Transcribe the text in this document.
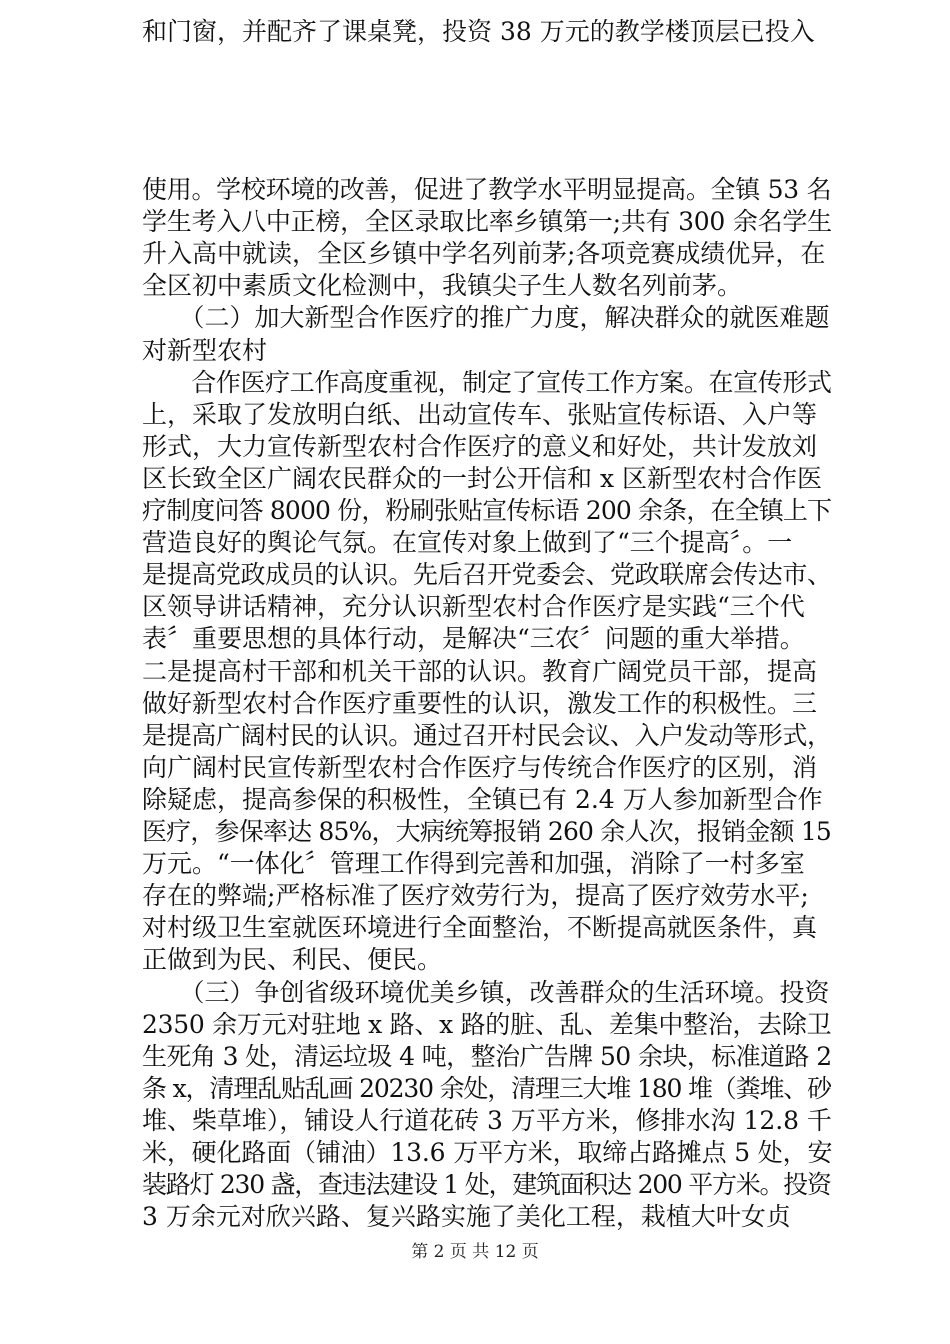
和门窗，并配齐了课桌凳，投资 38 万元的教学楼顶层已投入
使用。学校环境的改善，促进了教学水平明显提高。全镇 53 名
学生考入八中正榜，全区录取比率乡镇第一;共有 300 余名学生
升入高中就读，全区乡镇中学名列前茅;各项竞赛成绩优异，在
全区初中素质文化检测中，我镇尖子生人数名列前茅。
　　（二）加大新型合作医疗的推广力度，解决群众的就医难题
对新型农村
　　合作医疗工作高度重视，制定了宣传工作方案。在宣传形式
上，采取了发放明白纸、出动宣传车、张贴宣传标语、入户等
形式，大力宣传新型农村合作医疗的意义和好处，共计发放刘
区长致全区广阔农民群众的一封公开信和 x 区新型农村合作医
疗制度问答 8000 份，粉刷张贴宣传标语 200 余条，在全镇上下
营造良好的舆论气氛。在宣传对象上做到了“三个提高〞。一
是提高党政成员的认识。先后召开党委会、党政联席会传达市、
区领导讲话精神，充分认识新型农村合作医疗是实践“三个代
表〞重要思想的具体行动，是解决“三农〞问题的重大举措。
二是提高村干部和机关干部的认识。教育广阔党员干部，提高
做好新型农村合作医疗重要性的认识，激发工作的积极性。三
是提高广阔村民的认识。通过召开村民会议、入户发动等形式，
向广阔村民宣传新型农村合作医疗与传统合作医疗的区别，消
除疑虑，提高参保的积极性，全镇已有 2.4 万人参加新型合作
医疗，参保率达 85%，大病统筹报销 260 余人次，报销金额 15
万元。“一体化〞管理工作得到完善和加强，消除了一村多室
存在的弊端;严格标准了医疗效劳行为，提高了医疗效劳水平;
对村级卫生室就医环境进行全面整治，不断提高就医条件，真
正做到为民、利民、便民。
　　（三）争创省级环境优美乡镇，改善群众的生活环境。投资
2350 余万元对驻地 x 路、x 路的脏、乱、差集中整治，去除卫
生死角 3 处，清运垃圾 4 吨，整治广告牌 50 余块，标准道路 2
条 x，清理乱贴乱画 20230 余处，清理三大堆 180 堆（粪堆、砂
堆、柴草堆），铺设人行道花砖 3 万平方米，修排水沟 12.8 千
米，硬化路面（铺油）13.6 万平方米，取缔占路摊点 5 处，安
装路灯 230 盏，查违法建设 1 处，建筑面积达 200 平方米。投资
3 万余元对欣兴路、复兴路实施了美化工程，栽植大叶女贞
第 2 页 共 12 页
